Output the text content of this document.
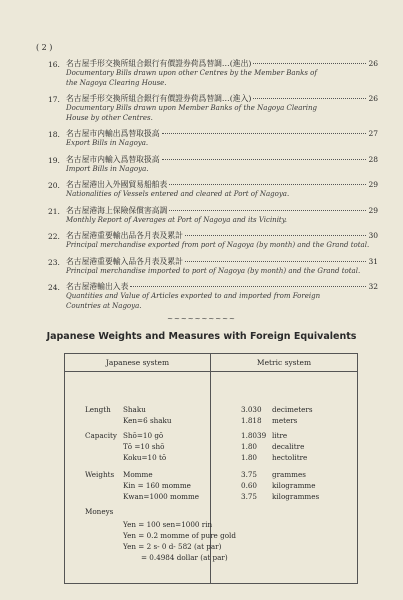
( 2 )
16. 名古屋手形交換所組合銀行有價證券荷爲替調…(進出)	26
Documentary Bills drawn upon other Centres by the Member Banks of
the Nagoya Clearing House.
17. 名古屋手形交換所組合銀行有價證券荷爲替調…(進入)	26
Documentary Bills drawn upon Member Banks of the Nagoya Clearing
House by other Centres.
18. 名古屋市内輸出爲替取扱高	27
Export Bills in Nagoya.
19. 名古屋市内輸入爲替取扱高	28
Import Bills in Nagoya.
20. 名古屋港出入外國貿易船舶表	29
Nationalities of Vessels entered and cleared at Port of Nagoya.
21. 名古屋港海上保險保償害高調	29
Monthly Report of Averages at Port of Nagoya and its Vicinity.
22. 名古屋港重要輸出品各月表及累計	30
Principal merchandise exported from port of Nagoya (by month) and the Grand total.
23. 名古屋港重要輸入品各月表及累計	31
Principal merchandise imported to port of Nagoya (by month) and the Grand total.
24. 名古屋港輸出入表	32
Quantities and Value of Articles exported to and imported from Foreign
Countries at Nagoya.
~~~~~~~~~~
Japanese Weights and Measures with Foreign Equivalents
Japanese system	Metric system
Length Shaku	3.030 decimeters
Ken=6 shaku	1.818 meters
Capacity Shō=10 gō	1.8039 litre
Tō =10 shō	1.80 decalitre
Koku=10 tō	1.80 hectolitre
Weights Momme	3.75 grammes
Kin = 160 momme	0.60 kilogramme
Kwan=1000 momme	3.75 kilogrammes
Moneys
Yen = 100 sen=1000 rin
Yen = 0.2 momme of pure gold
Yen = 2 s- 0 d- 582 (at par)
= 0.4984 dollar (at par)
